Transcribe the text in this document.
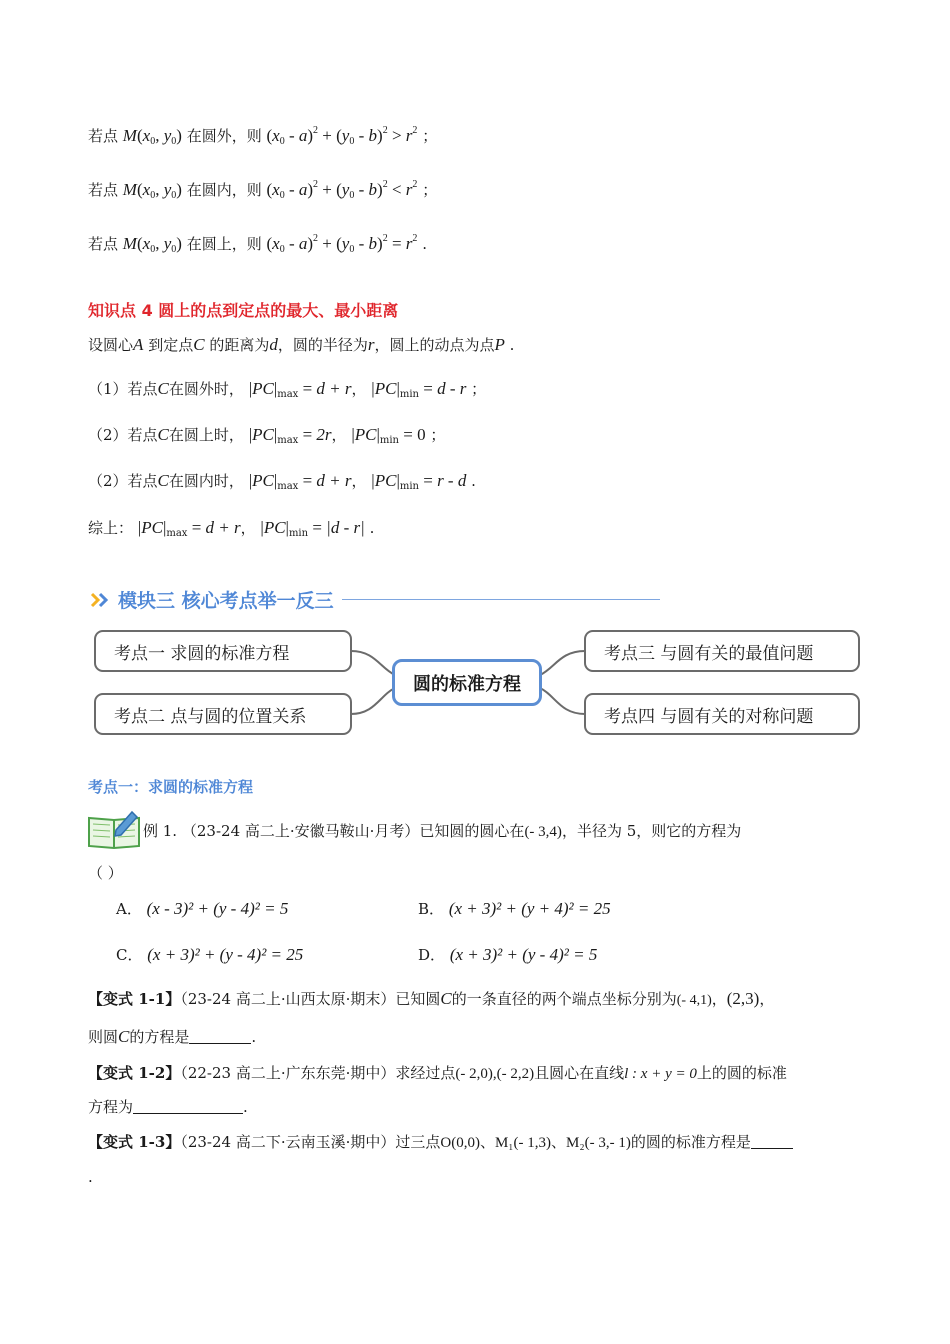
若点 $M(x_0$, $y_0$) 在圆外，则 $(x_0 - a)^2 + (y_0 - b)^2 > r^2$ ；
若点 $M(x_0$, $y_0$) 在圆内，则 $(x_0 - a)^2 + (y_0 - b)^2 < r^2$ ；
若点 $M(x_0$, $y_0$) 在圆上，则 $(x_0 - a)^2 + (y_0 - b)^2 = r^2$ .
知识点 4 圆上的点到定点的最大、最小距离
设圆心A 到定点C 的距离为d，圆的半径为r，圆上的动点为点P .
（1）若点C在圆外时， $|PC|_{max} = d + r$， $|PC|_{min} = d - r$ ；
（2）若点C在圆上时， $|PC|_{max} = 2r$， $|PC|_{min} = 0$ ；
（2）若点C在圆内时， $|PC|_{max} = d + r$， $|PC|_{min} = r - d$ .
综上： $|PC|_{max} = d + r$， $|PC|_{min} = |d - r|$ .
模块三 核心考点举一反三
考点一 求圆的标准方程
考点二 点与圆的位置关系
考点三 与圆有关的最值问题
考点四 与圆有关的对称问题
圆的标准方程
考点一：求圆的标准方程
例 1. （23-24 高二上·安徽马鞍山·月考）已知圆的圆心在(- 3,4)，半径为 5，则它的方程为
（ ）
A． (x - 3)² + (y - 4)² = 5	B． (x + 3)² + (y + 4)² = 25
C． (x + 3)² + (y - 4)² = 25	D． (x + 3)² + (y - 4)² = 5
【变式 1-1】（23-24 高二上·山西太原·期末）已知圆C的一条直径的两个端点坐标分别为(- 4,1)，(2,3)，
则圆C的方程是	.
【变式 1-2】（22-23 高二上·广东东莞·期中）求经过点(- 2,0),(- 2,2)且圆心在直线l : x + y = 0上的圆的标准
方程为	.
【变式 1-3】（23-24 高二下·云南玉溪·期中）过三点O(0,0)、M₁(- 1,3)、M₂(- 3,- 1)的圆的标准方程是
.
